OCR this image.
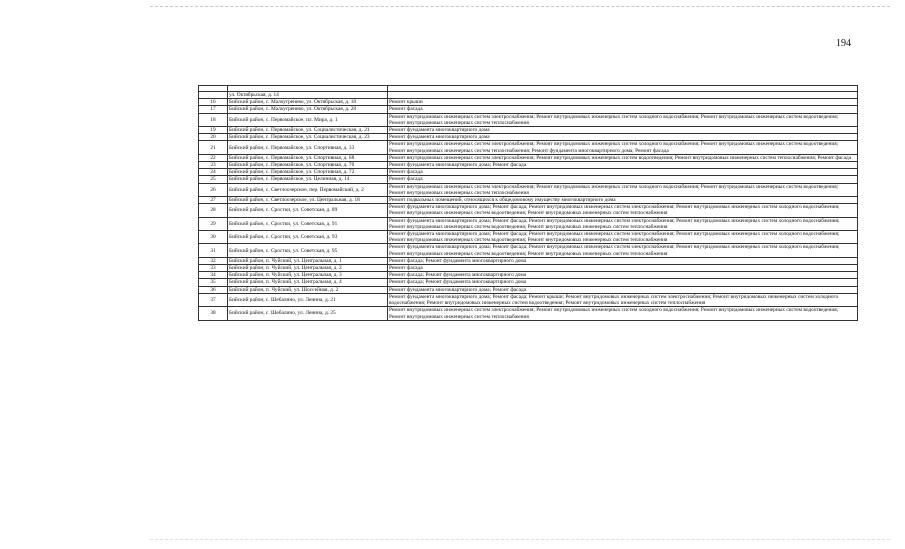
194

	ул. Октябрьская, д. 14	
16	Бийский район, с. Малоугренево, ул. Октябрьская, д. 18	Ремонт крыши
17	Бийский район, с. Малоугренево, ул. Октябрьская, д. 28	Ремонт фасада
18	Бийский район, с. Первомайское, пл. Мира, д. 1	Ремонт внутридомовых инженерных систем электроснабжения; Ремонт внутридомовых инженерных систем холодного водоснабжения; Ремонт внутридомовых инженерных систем водоотведения; Ремонт внутридомовых инженерных систем теплоснабжения
19	Бийский район, с. Первомайское, ул. Социалистическая, д. 21	Ремонт фундамента многоквартирного дома
20	Бийский район, с. Первомайское, ул. Социалистическая, д. 23	Ремонт фундамента многоквартирного дома
21	Бийский район, с. Первомайское, ул. Спортивная, д. 33	Ремонт внутридомовых инженерных систем электроснабжения; Ремонт внутридомовых инженерных систем холодного водоснабжения; Ремонт внутридомовых инженерных систем водоотведения; Ремонт внутридомовых инженерных систем теплоснабжения; Ремонт фундамента многоквартирного дома; Ремонт фасада
22	Бийский район, с. Первомайское, ул. Спортивная, д. 68	Ремонт внутридомовых инженерных систем электроснабжения; Ремонт внутридомовых инженерных систем водоотведения; Ремонт внутридомовых инженерных систем теплоснабжения; Ремонт фасада
23	Бийский район, с. Первомайское, ул. Спортивная, д. 70	Ремонт фундамента многоквартирного дома; Ремонт фасада
24	Бийский район, с. Первомайское, ул. Спортивная, д. 72	Ремонт фасада
25	Бийский район, с. Первомайское, ул. Целинная, д. 14	Ремонт фасада
26	Бийский район, с. Светлоозерское, пер. Первомайский, д. 2	Ремонт внутридомовых инженерных систем электроснабжения; Ремонт внутридомовых инженерных систем холодного водоснабжения; Ремонт внутридомовых инженерных систем водоотведения; Ремонт внутридомовых инженерных систем теплоснабжения
27	Бийский район, с. Светлоозерское, ул. Центральная, д. 18	Ремонт подвальных помещений, относящихся к общедомовому имуществу многоквартирного дома
28	Бийский район, с. Сростки, ул. Советская, д. 89	Ремонт фундамента многоквартирного дома; Ремонт фасада; Ремонт внутридомовых инженерных систем электроснабжения; Ремонт внутридомовых инженерных систем холодного водоснабжения; Ремонт внутридомовых инженерных систем водоотведения; Ремонт внутридомовых инженерных систем теплоснабжения
29	Бийский район, с. Сростки, ул. Советская, д. 91	Ремонт фундамента многоквартирного дома; Ремонт фасада; Ремонт внутридомовых инженерных систем электроснабжения; Ремонт внутридомовых инженерных систем холодного водоснабжения; Ремонт внутридомовых инженерных систем водоотведения; Ремонт внутридомовых инженерных систем теплоснабжения
30	Бийский район, с. Сростки, ул. Советская, д. 93	Ремонт фундамента многоквартирного дома; Ремонт фасада; Ремонт внутридомовых инженерных систем электроснабжения; Ремонт внутридомовых инженерных систем холодного водоснабжения; Ремонт внутридомовых инженерных систем водоотведения; Ремонт внутридомовых инженерных систем теплоснабжения
31	Бийский район, с. Сростки, ул. Советская, д. 95	Ремонт фундамента многоквартирного дома; Ремонт фасада; Ремонт внутридомовых инженерных систем электроснабжения; Ремонт внутридомовых инженерных систем холодного водоснабжения; Ремонт внутридомовых инженерных систем водоотведения; Ремонт внутридомовых инженерных систем теплоснабжения
32	Бийский район, п. Чуйский, ул. Центральная, д. 1	Ремонт фасада; Ремонт фундамента многоквартирного дома
33	Бийский район, п. Чуйский, ул. Центральная, д. 2	Ремонт фасада
34	Бийский район, п. Чуйский, ул. Центральная, д. 3	Ремонт фасада; Ремонт фундамента многоквартирного дома
35	Бийский район, п. Чуйский, ул. Центральная, д. 4	Ремонт фасада; Ремонт фундамента многоквартирного дома
36	Бийский район, п. Чуйский, ул. Шоссейная, д. 2	Ремонт фундамента многоквартирного дома; Ремонт фасада
37	Бийский район, с. Шебалино, ул. Ленина, д. 21	Ремонт фундамента многоквартирного дома; Ремонт фасада; Ремонт крыши; Ремонт внутридомовых инженерных систем электроснабжения; Ремонт внутридомовых инженерных систем холодного водоснабжения; Ремонт внутридомовых инженерных систем водоотведения; Ремонт внутридомовых инженерных систем теплоснабжения
38	Бийский район, с. Шебалино, ул. Ленина, д. 25	Ремонт внутридомовых инженерных систем электроснабжения; Ремонт внутридомовых инженерных систем холодного водоснабжения; Ремонт внутридомовых инженерных систем водоотведения; Ремонт внутридомовых инженерных систем теплоснабжения
